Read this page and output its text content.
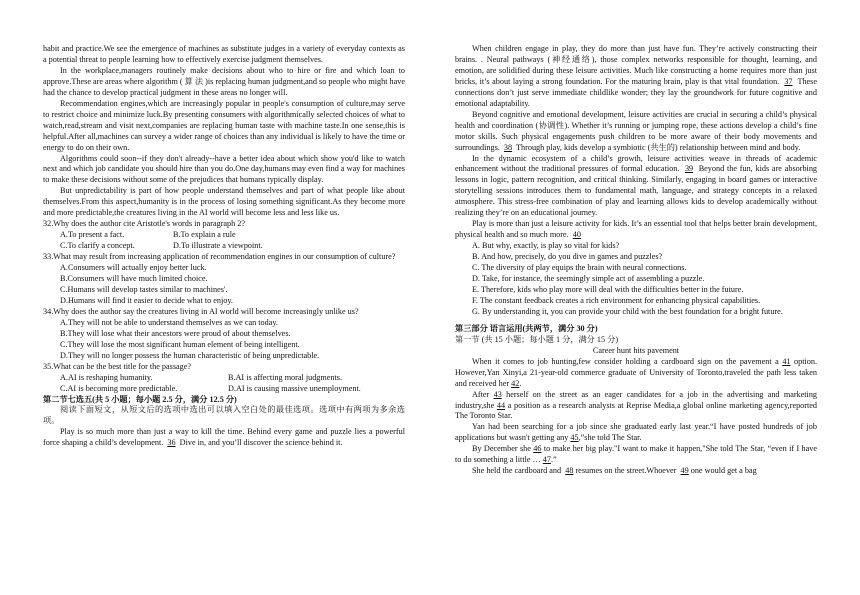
habit and practice.We see the emergence of machines as substitute judges in a variety of everyday contexts as a potential threat to people learning how to effectively exercise judgment themselves.

In the workplace,managers routinely make decisions about who to hire or fire and which loan to approve.These are areas where algorithm ( 算 法 )is replacing human judgment,and so people who might have had the chance to develop practical judgment in these areas no longer will.

Recommendation engines,which are increasingly popular in people's consumption of culture,may serve to restrict choice and minimize luck.By presenting consumers with algorithmically selected choices of what to watch,read,stream and visit next,companies are replacing human taste with machine taste.In one sense,this is helpful.After all,machines can survey a wider range of choices than any individual is likely to have the time or energy to do on their own.

Algorithms could soon--if they don't already--have a better idea about which show you'd like to watch next and which job candidate you should hire than you do.One day,humans may even find a way for machines to make these decisions without some of the prejudices that humans typically display.

But unpredictability is part of how people understand themselves and part of what people like about themselves.From this aspect,humanity is in the process of losing something significant.As they become more and more predictable,the creatures living in the AI world will become less and less like us.

32.Why does the author cite Aristotle's words in paragraph 2?

A.To present a fact.	B.To explain a rule
C.To clarify a concept.	D.To illustrate a viewpoint.

33.What may result from increasing application of recommendation engines in our consumption of culture?

A.Consumers will actually enjoy better luck.

B.Consumers will have much limited choice.

C.Humans will develop tastes similar to machines'.

D.Humans will find it easier to decide what to enjoy.

34.Why does the author say the creatures living in AI world will become increasingly unlike us?

A.They will not be able to understand themselves as we can today.

B.They will lose what their ancestors were proud of about themselves.

C.They will lose the most significant human element of being intelligent.

D.They will no longer possess the human characteristic of being unpredictable.

35.What can be the best title for the passage?

A.AI is reshaping humanity.	B.AI is affecting moral judgments.
C.AI is becoming more predictable.	D.AI is causing massive unemployment.

第二节七选五(共 5 小题；每小题 2.5 分，满分 12.5 分)

阅读下面短文，从短文后的选项中选出可以填入空白处的最佳选项。选项中有两项为多余选 项。

Play is so much more than just a way to kill the time. Behind every game and puzzle lies a powerful force shaping a child’s development. 36 Dive in, and you’ll discover the science behind it.

When children engage in play, they do more than just have fun. They’re actively constructing their brains. . Neural pathways (神经通络), those complex networks responsible for thought, learning, and emotion, are solidified during these leisure activities. Much like constructing a home requires more than just bricks, it’s about laying a strong foundation. For the maturing brain, play is that vital foundation. 37 These connections don’t just serve immediate childlike wonder; they lay the groundwork for future cognitive and emotional adaptability.

Beyond cognitive and emotional development, leisure activities are crucial in securing a child’s physical health and coordination (协调性). Whether it’s running or jumping rope, these actions develop a child’s fine motor skills. Such physical engagements push children to be more aware of their body movements and surroundings. 38 Through play, kids develop a symbiotic (共生的) relationship between mind and body.

In the dynamic ecosystem of a child’s growth, leisure activities weave in threads of academic enhancement without the traditional pressures of formal education. 39 Beyond the fun, kids are absorbing lessons in logic, pattern recognition, and critical thinking. Similarly, engaging in board games or interactive storytelling sessions introduces them to fundamental math, language, and strategy concepts in a relaxed atmosphere. This stress-free combination of play and learning allows kids to develop academically without realizing they’re on an educational journey.

Play is more than just a leisure activity for kids. It’s an essential tool that helps better brain development, physical health and so much more. 40

A. But why, exactly, is play so vital for kids?

B. And how, precisely, do you dive in games and puzzles?

C. The diversity of play equips the brain with neural connections.

D. Take, for instance, the seemingly simple act of assembling a puzzle.

E. Therefore, kids who play more will deal with the difficulties better in the future.

F. The constant feedback creates a rich environment for enhancing physical capabilities.

G. By understanding it, you can provide your child with the best foundation for a bright future.

第三部分 语言运用(共两节，满分 30 分)

第一节 (共 15 小题；每小题 1 分，满分 15 分)

Career hunt hits pavement

When it comes to job hunting,few consider holding a cardboard sign on the pavement a 41 option. However,Yan Xinyi,a 21-year-old commerce graduate of University of Toronto,traveled the path less taken and received her 42.

After 43 herself on the street as an eager candidates for a job in the advertising and marketing industry,she 44 a position as a research analysts at Reprise Media,a global online marketing agency,reported The Toronto Star.

Yan had been searching for a job since she graduated early last year.“I have posted hundreds of job applications but wasn't getting any 45,”she told The Star.

By December she 46 to make her big play."I want to make it happen,"She told The Star, “even if I have to do something a little … 47.”

She held the cardboard and 48 resumes on the street.Whoever 49 one would get a bag
